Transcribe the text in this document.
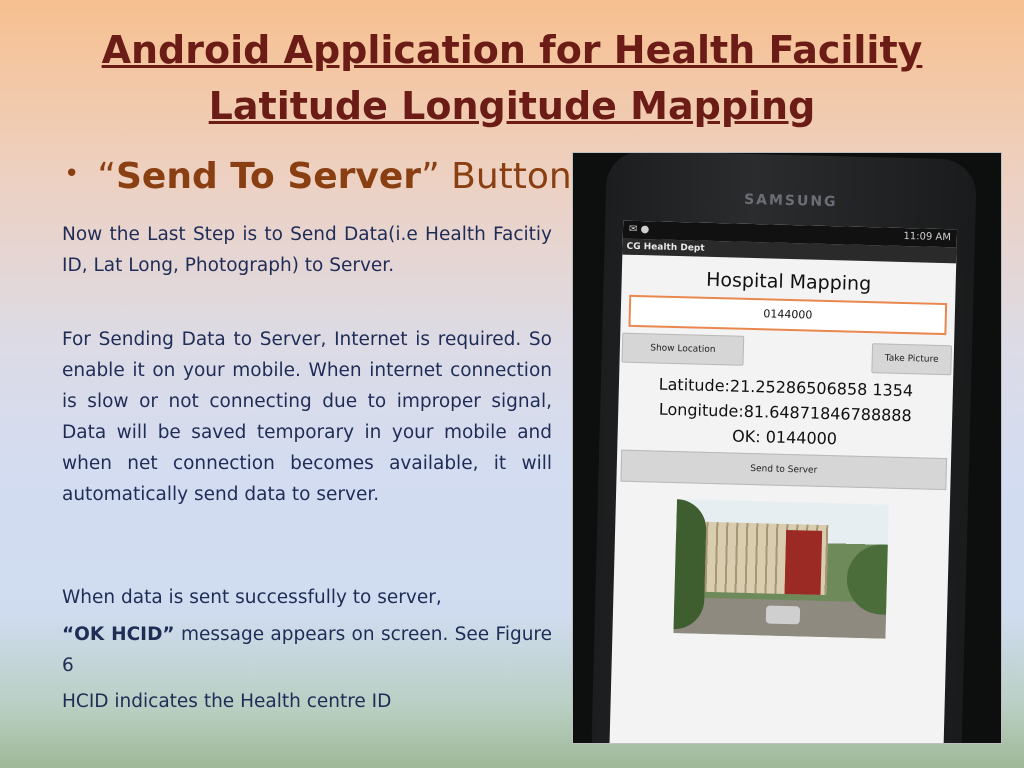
Android Application for Health Facility
Latitude Longitude Mapping
• “Send To Server” Button
Now the Last Step is to Send Data(i.e Health Facitiy ID, Lat Long, Photograph) to Server.
For Sending Data to Server, Internet is required. So enable it on your mobile. When internet connection is slow or not connecting due to improper signal, Data will be saved temporary in your mobile and when net connection becomes available, it will automatically send data to server.
When data is sent successfully to server,
“OK HCID” message appears on screen. See Figure 6
HCID indicates the Health centre ID
SAMSUNG
✉ ●
11:09 AM
CG Health Dept
Hospital Mapping
0144000
Show Location
Take Picture
Latitude:21.25286506858 1354
Longitude:81.64871846788888
OK: 0144000
Send to Server
